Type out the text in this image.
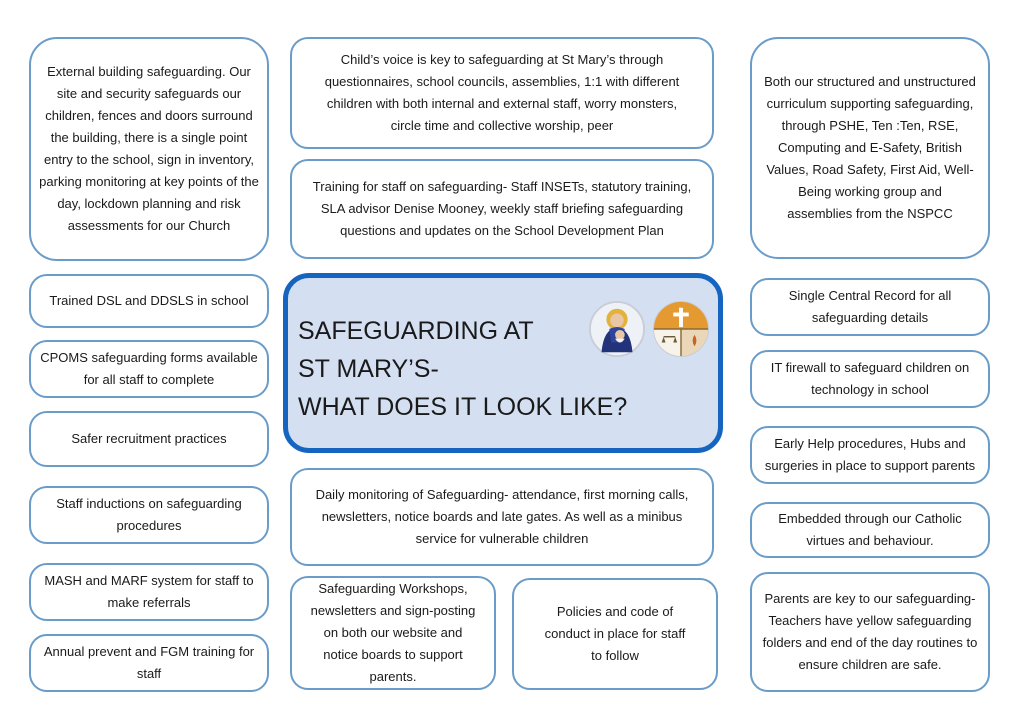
External building safeguarding. Our site and security safeguards our children, fences and doors surround the building, there is a single point entry to the school, sign in inventory, parking monitoring at key points of the day, lockdown planning and risk assessments for our Church
Trained DSL and DDSLS in school
CPOMS safeguarding forms available for all staff to complete
Safer recruitment practices
Staff inductions on safeguarding procedures
MASH and MARF system for staff to make referrals
Annual prevent and FGM training for staff
Child’s voice is key to safeguarding at St Mary’s through questionnaires, school councils, assemblies, 1:1 with different children with both internal and external staff, worry monsters, circle time and collective worship, peer
Training for staff on safeguarding- Staff INSETs, statutory training, SLA advisor Denise Mooney, weekly staff briefing safeguarding questions and updates on the School Development Plan
SAFEGUARDING AT
ST MARY’S-
WHAT DOES IT LOOK LIKE?
Daily monitoring of Safeguarding- attendance, first morning calls, newsletters, notice boards and late gates. As well as a minibus service for vulnerable children
Safeguarding Workshops, newsletters and sign-posting on both our website and notice boards to support parents.
Policies and code of conduct in place for staff to follow
Both our structured and unstructured curriculum supporting safeguarding, through PSHE, Ten :Ten, RSE, Computing and E-Safety, British Values, Road Safety, First Aid, Well-Being working group and assemblies from the NSPCC
Single Central Record for all safeguarding details
IT firewall to safeguard children on technology in school
Early Help procedures, Hubs and surgeries in place to support parents
Embedded through our Catholic virtues and behaviour.
Parents are key to our safeguarding- Teachers have yellow safeguarding folders and end of the day routines to ensure children are safe.
